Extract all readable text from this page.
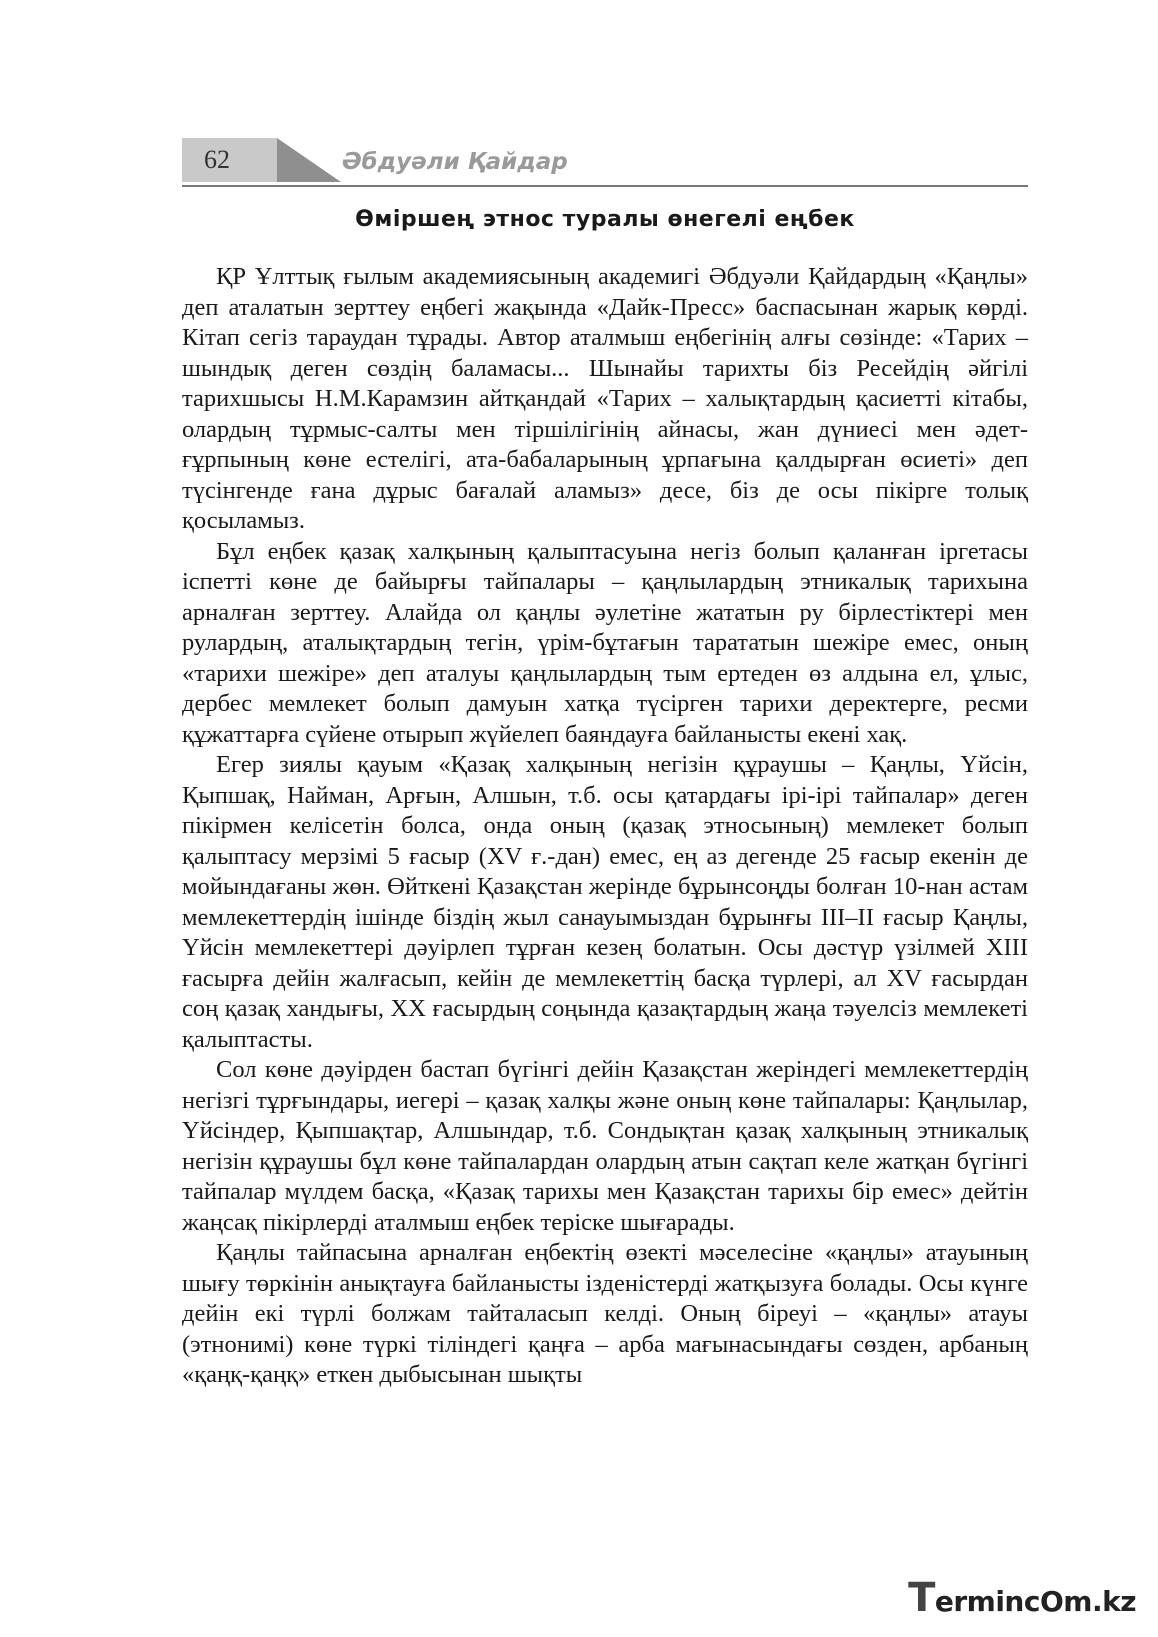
62	Әбдуәли Қайдар
Өміршең этнос туралы өнегелі еңбек

ҚР Ұлттық ғылым академиясының академигі Әбдуәли Қайдардың «Қаңлы» деп аталатын зерттеу еңбегі жақында «Дайк-Пресс» баспасынан жарық көрді. Кітап сегіз тараудан тұрады. Автор аталмыш еңбегінің алғы сөзінде: «Тарих – шындық деген сөздің баламасы... Шынайы тарихты біз Ресейдің әйгілі тарихшысы Н.М.Карамзин айтқандай «Тарих – халықтардың қасиетті кітабы, олардың тұрмыс-салты мен тіршілігінің айнасы, жан дүниесі мен әдет-ғұрпының көне естелігі, ата-бабаларының ұрпағына қалдырған өсиеті» деп түсінгенде ғана дұрыс бағалай аламыз» десе, біз де осы пікірге толық қосыламыз.

Бұл еңбек қазақ халқының қалыптасуына негіз болып қаланған іргетасы іспетті көне де байырғы тайпалары – қаңлылардың этникалық тарихына арналған зерттеу. Алайда ол қаңлы әулетіне жататын ру бірлестіктері мен рулардың, аталықтардың тегін, үрім-бұтағын тарататын шежіре емес, оның «тарихи шежіре» деп аталуы қаңлылардың тым ертеден өз алдына ел, ұлыс, дербес мемлекет болып дамуын хатқа түсірген тарихи деректерге, ресми құжаттарға сүйене отырып жүйелеп баяндауға байланысты екені хақ.

Егер зиялы қауым «Қазақ халқының негізін құраушы – Қаңлы, Үйсін, Қыпшақ, Найман, Арғын, Алшын, т.б. осы қатардағы ірі-ірі тайпалар» деген пікірмен келісетін болса, онда оның (қазақ этносының) мемлекет болып қалыптасу мерзімі 5 ғасыр (XV ғ.-дан) емес, ең аз дегенде 25 ғасыр екенін де мойындағаны жөн. Өйткені Қазақстан жерінде бұрынсоңды болған 10-нан астам мемлекеттердің ішінде біздің жыл санауымыздан бұрынғы III–II ғасыр Қаңлы, Үйсін мемлекеттері дәуірлеп тұрған кезең болатын. Осы дәстүр үзілмей XIII ғасырға дейін жалғасып, кейін де мемлекеттің басқа түрлері, ал XV ғасырдан соң қазақ хандығы, XX ғасырдың соңында қазақтардың жаңа тәуелсіз мемлекеті қалыптасты.

Сол көне дәуірден бастап бүгінгі дейін Қазақстан жеріндегі мемлекеттердің негізгі тұрғындары, иегері – қазақ халқы және оның көне тайпалары: Қаңлылар, Үйсіндер, Қыпшақтар, Алшындар, т.б. Сондықтан қазақ халқының этникалық негізін құраушы бұл көне тайпалардан олардың атын сақтап келе жатқан бүгінгі тайпалар мүлдем басқа, «Қазақ тарихы мен Қазақстан тарихы бір емес» дейтін жаңсақ пікірлерді аталмыш еңбек теріске шығарады.

Қаңлы тайпасына арналған еңбектің өзекті мәселесіне «қаңлы» атауының шығу төркінін анықтауға байланысты ізденістерді жатқызуға болады. Осы күнге дейін екі түрлі болжам тайталасып келді. Оның біреуі – «қаңлы» атауы (этнонимі) көне түркі тіліндегі қаңға – арба мағынасындағы сөзден, арбаның «қаңқ-қаңқ» еткен дыбысынан шықты

TermincOm.kz
